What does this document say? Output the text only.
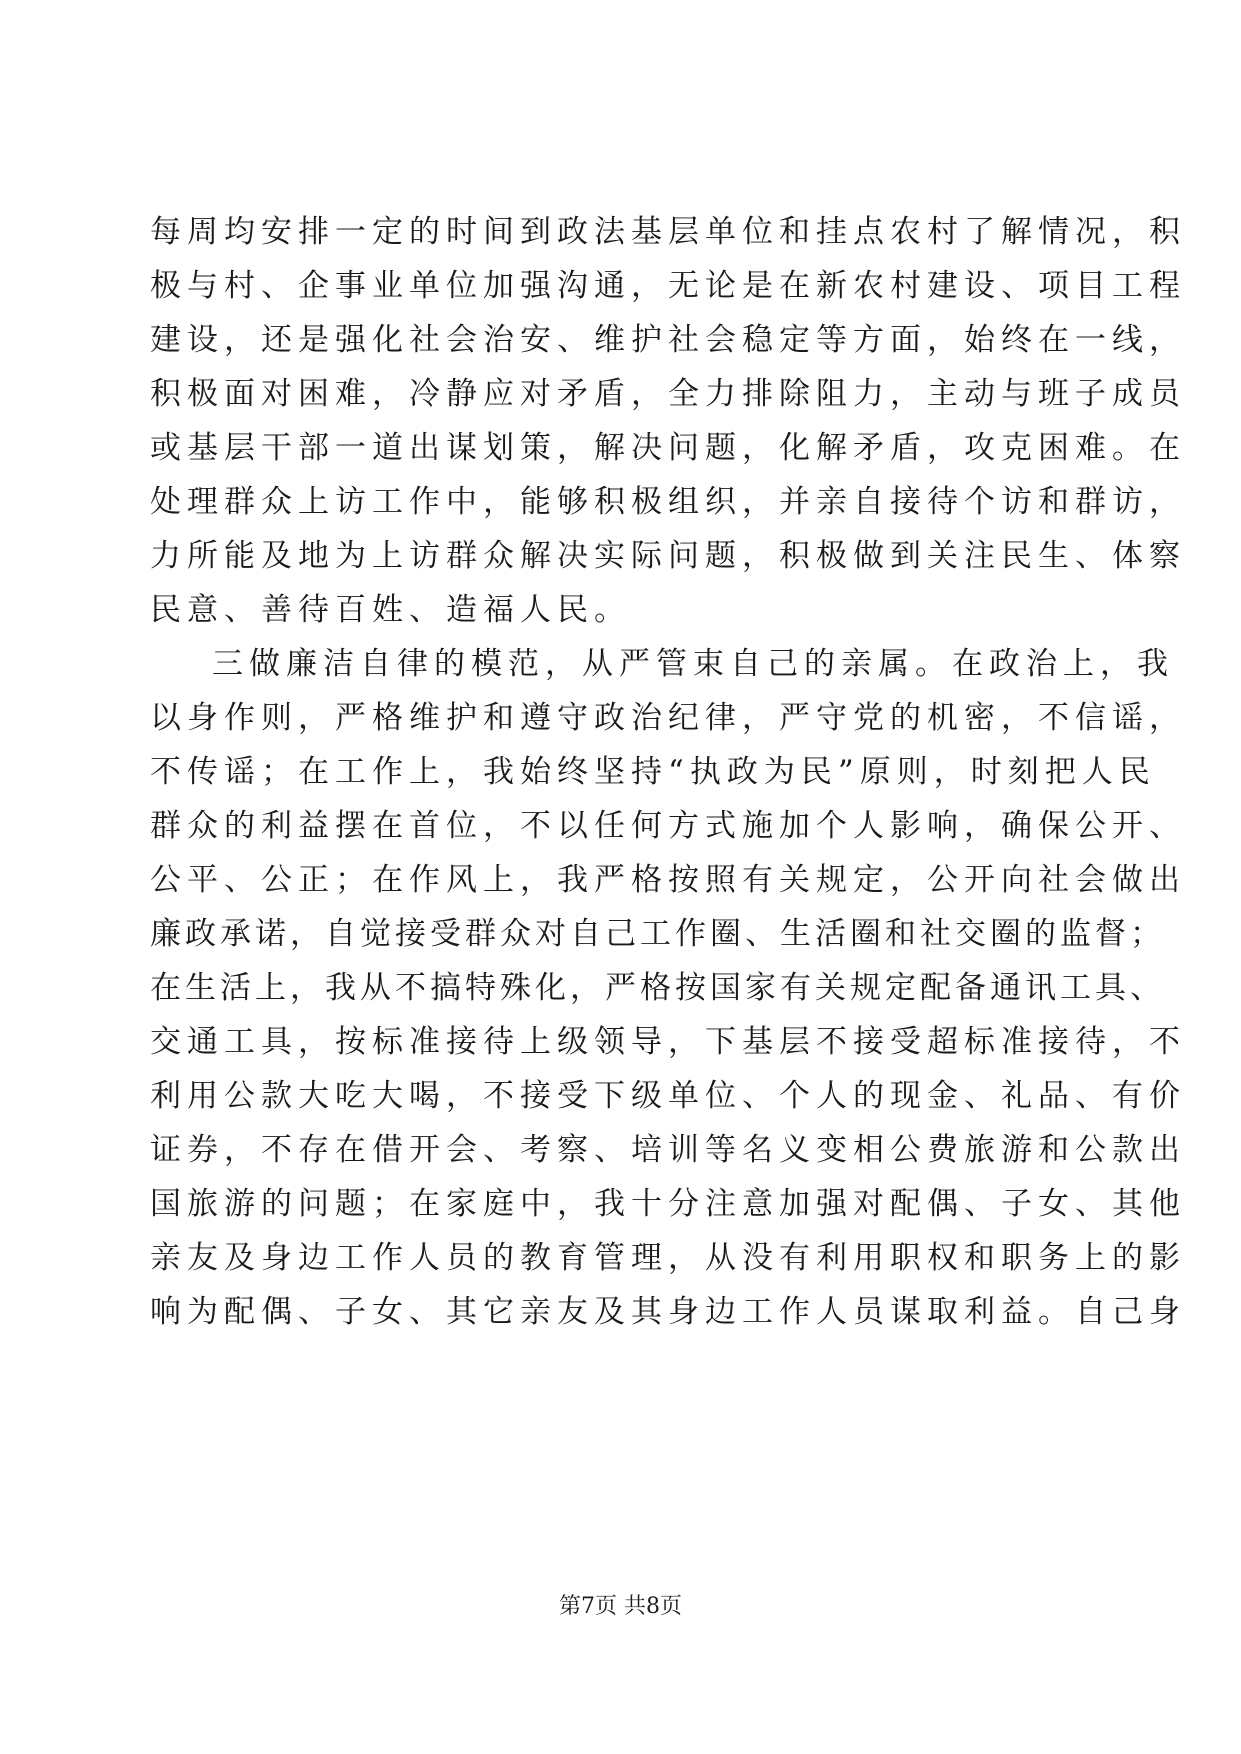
每周均安排一定的时间到政法基层单位和挂点农村了解情况，积
极与村、企事业单位加强沟通，无论是在新农村建设、项目工程
建设，还是强化社会治安、维护社会稳定等方面，始终在一线，
积极面对困难，冷静应对矛盾，全力排除阻力，主动与班子成员
或基层干部一道出谋划策，解决问题，化解矛盾，攻克困难。在
处理群众上访工作中，能够积极组织，并亲自接待个访和群访，
力所能及地为上访群众解决实际问题，积极做到关注民生、体察
民意、善待百姓、造福人民。
三做廉洁自律的模范，从严管束自己的亲属。在政治上，我
以身作则，严格维护和遵守政治纪律，严守党的机密，不信谣，
不传谣；在工作上，我始终坚持“执政为民”原则，时刻把人民
群众的利益摆在首位，不以任何方式施加个人影响，确保公开、
公平、公正；在作风上，我严格按照有关规定，公开向社会做出
廉政承诺，自觉接受群众对自己工作圈、生活圈和社交圈的监督；
在生活上，我从不搞特殊化，严格按国家有关规定配备通讯工具、
交通工具，按标准接待上级领导，下基层不接受超标准接待，不
利用公款大吃大喝，不接受下级单位、个人的现金、礼品、有价
证券，不存在借开会、考察、培训等名义变相公费旅游和公款出
国旅游的问题；在家庭中，我十分注意加强对配偶、子女、其他
亲友及身边工作人员的教育管理，从没有利用职权和职务上的影
响为配偶、子女、其它亲友及其身边工作人员谋取利益。自己身
第7页 共8页
